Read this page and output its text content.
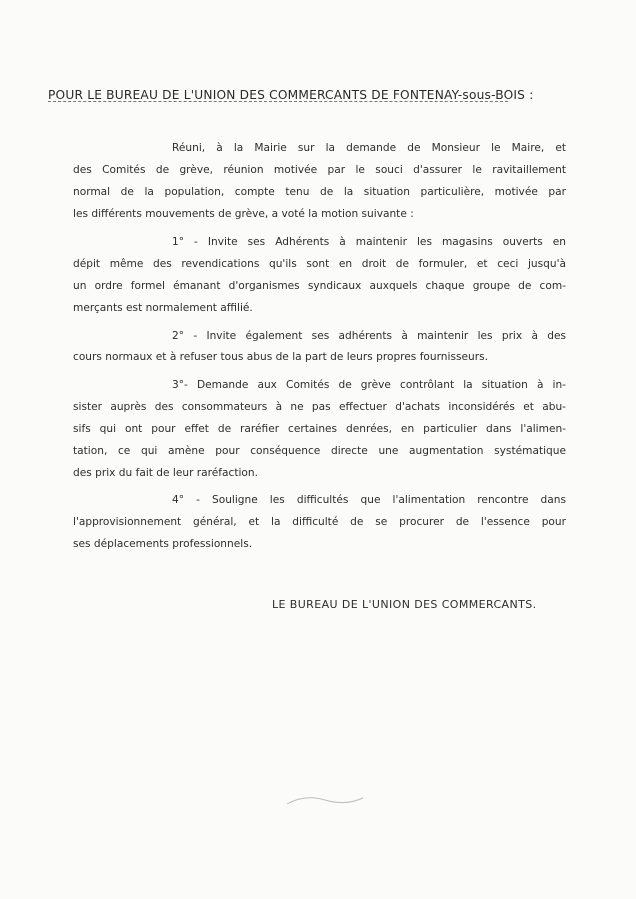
POUR LE BUREAU DE L'UNION DES COMMERCANTS DE FONTENAY-sous-BOIS :
Réuni, à la Mairie sur la demande de Monsieur le Maire, et
des Comités de grève, réunion motivée par le souci d'assurer le ravitaillement
normal de la population, compte tenu de la situation particulière, motivée par
les différents mouvements de grève, a voté la motion suivante :
1° - Invite ses Adhérents à maintenir les magasins ouverts en
dépit même des revendications qu'ils sont en droit de formuler, et ceci jusqu'à
un ordre formel émanant d'organismes syndicaux auxquels chaque groupe de com-
merçants est normalement affilié.
2° - Invite également ses adhérents à maintenir les prix à des
cours normaux et à refuser tous abus de la part de leurs propres fournisseurs.
3°- Demande aux Comités de grève contrôlant la situation à in-
sister auprès des consommateurs à ne pas effectuer d'achats inconsidérés et abu-
sifs qui ont pour effet de raréfier certaines denrées, en particulier dans l'alimen-
tation, ce qui amène pour conséquence directe une augmentation systématique
des prix du fait de leur raréfaction.
4° - Souligne les difficultés que l'alimentation rencontre dans
l'approvisionnement général, et la difficulté de se procurer de l'essence pour
ses déplacements professionnels.
LE BUREAU DE L'UNION DES COMMERCANTS.
